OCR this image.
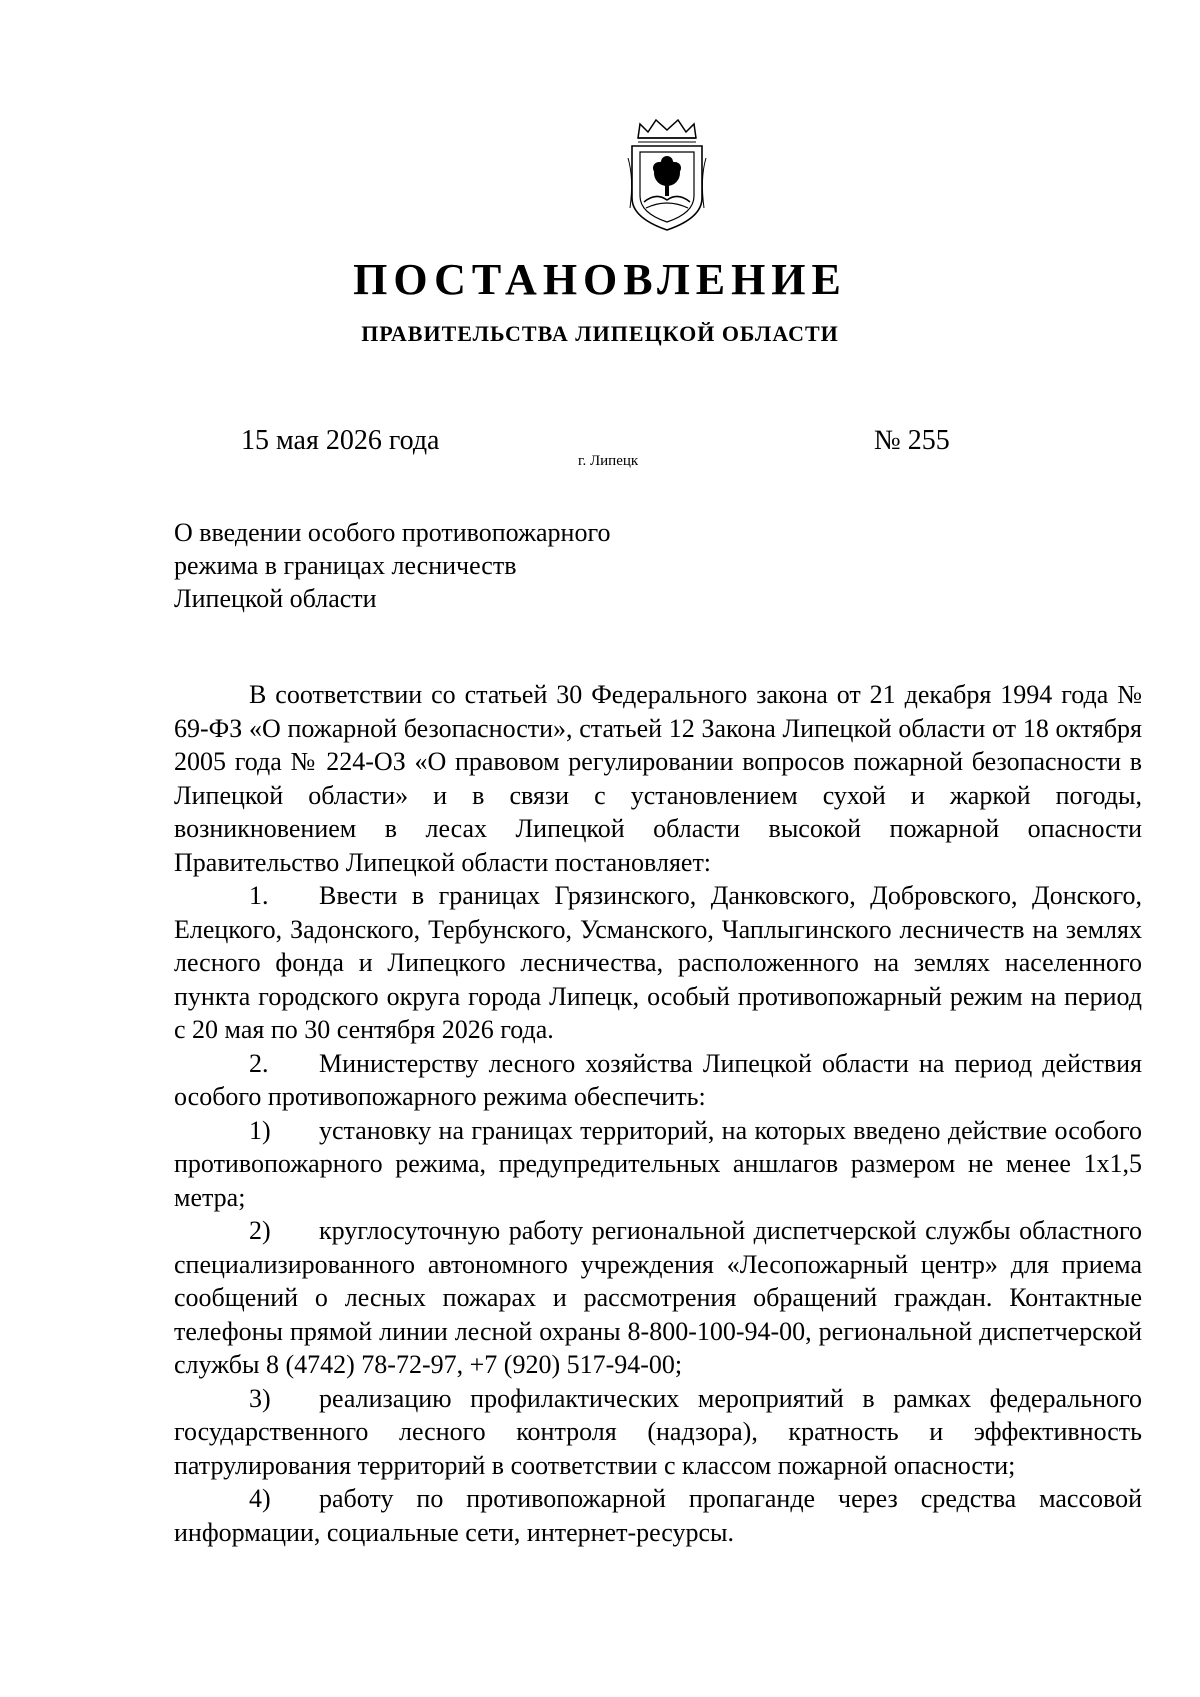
ПОСТАНОВЛЕНИЕ
ПРАВИТЕЛЬСТВА ЛИПЕЦКОЙ ОБЛАСТИ
15 мая 2026 года
г. Липецк
№ 255
О введении особого противопожарного
режима в границах лесничеств
Липецкой области

В соответствии со статьей 30 Федерального закона от 21 декабря 1994 года № 69-ФЗ «О пожарной безопасности», статьей 12 Закона Липецкой области от 18 октября 2005 года № 224-ОЗ «О правовом регулировании вопросов пожарной безопасности в Липецкой области» и в связи с установлением сухой и жаркой погоды, возникновением в лесах Липецкой области высокой пожарной опасности Правительство Липецкой области постановляет:

1. Ввести в границах Грязинского, Данковского, Добровского, Донского, Елецкого, Задонского, Тербунского, Усманского, Чаплыгинского лесничеств на землях лесного фонда и Липецкого лесничества, расположенного на землях населенного пункта городского округа города Липецк, особый противопожарный режим на период с 20 мая по 30 сентября 2026 года.

2. Министерству лесного хозяйства Липецкой области на период действия особого противопожарного режима обеспечить:

1) установку на границах территорий, на которых введено действие особого противопожарного режима, предупредительных аншлагов размером не менее 1х1,5 метра;

2) круглосуточную работу региональной диспетчерской службы областного специализированного автономного учреждения «Лесопожарный центр» для приема сообщений о лесных пожарах и рассмотрения обращений граждан. Контактные телефоны прямой линии лесной охраны 8-800-100-94-00, региональной диспетчерской службы 8 (4742) 78-72-97, +7 (920) 517-94-00;

3) реализацию профилактических мероприятий в рамках федерального государственного лесного контроля (надзора), кратность и эффективность патрулирования территорий в соответствии с классом пожарной опасности;

4) работу по противопожарной пропаганде через средства массовой информации, социальные сети, интернет-ресурсы.
